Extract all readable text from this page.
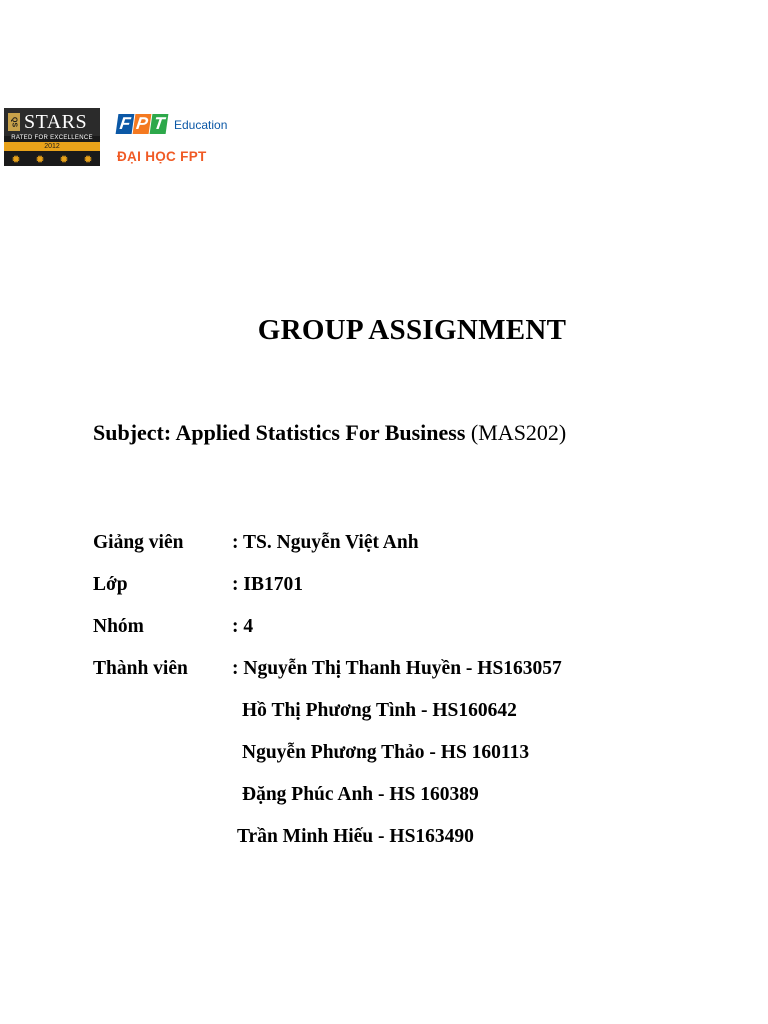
QS STARS
RATED FOR EXCELLENCE
2012
✹ ✹ ✹ ✹
F P T Education
ĐẠI HỌC FPT
GROUP ASSIGNMENT
Subject: Applied Statistics For Business (MAS202)
Giảng viên : TS. Nguyễn Việt Anh
Lớp	: IB1701
Nhóm	: 4
Thành viên : Nguyễn Thị Thanh Huyền - HS163057
Hồ Thị Phương Tình - HS160642
Nguyễn Phương Thảo - HS 160113
Đặng Phúc Anh - HS 160389
Trần Minh Hiếu - HS163490
